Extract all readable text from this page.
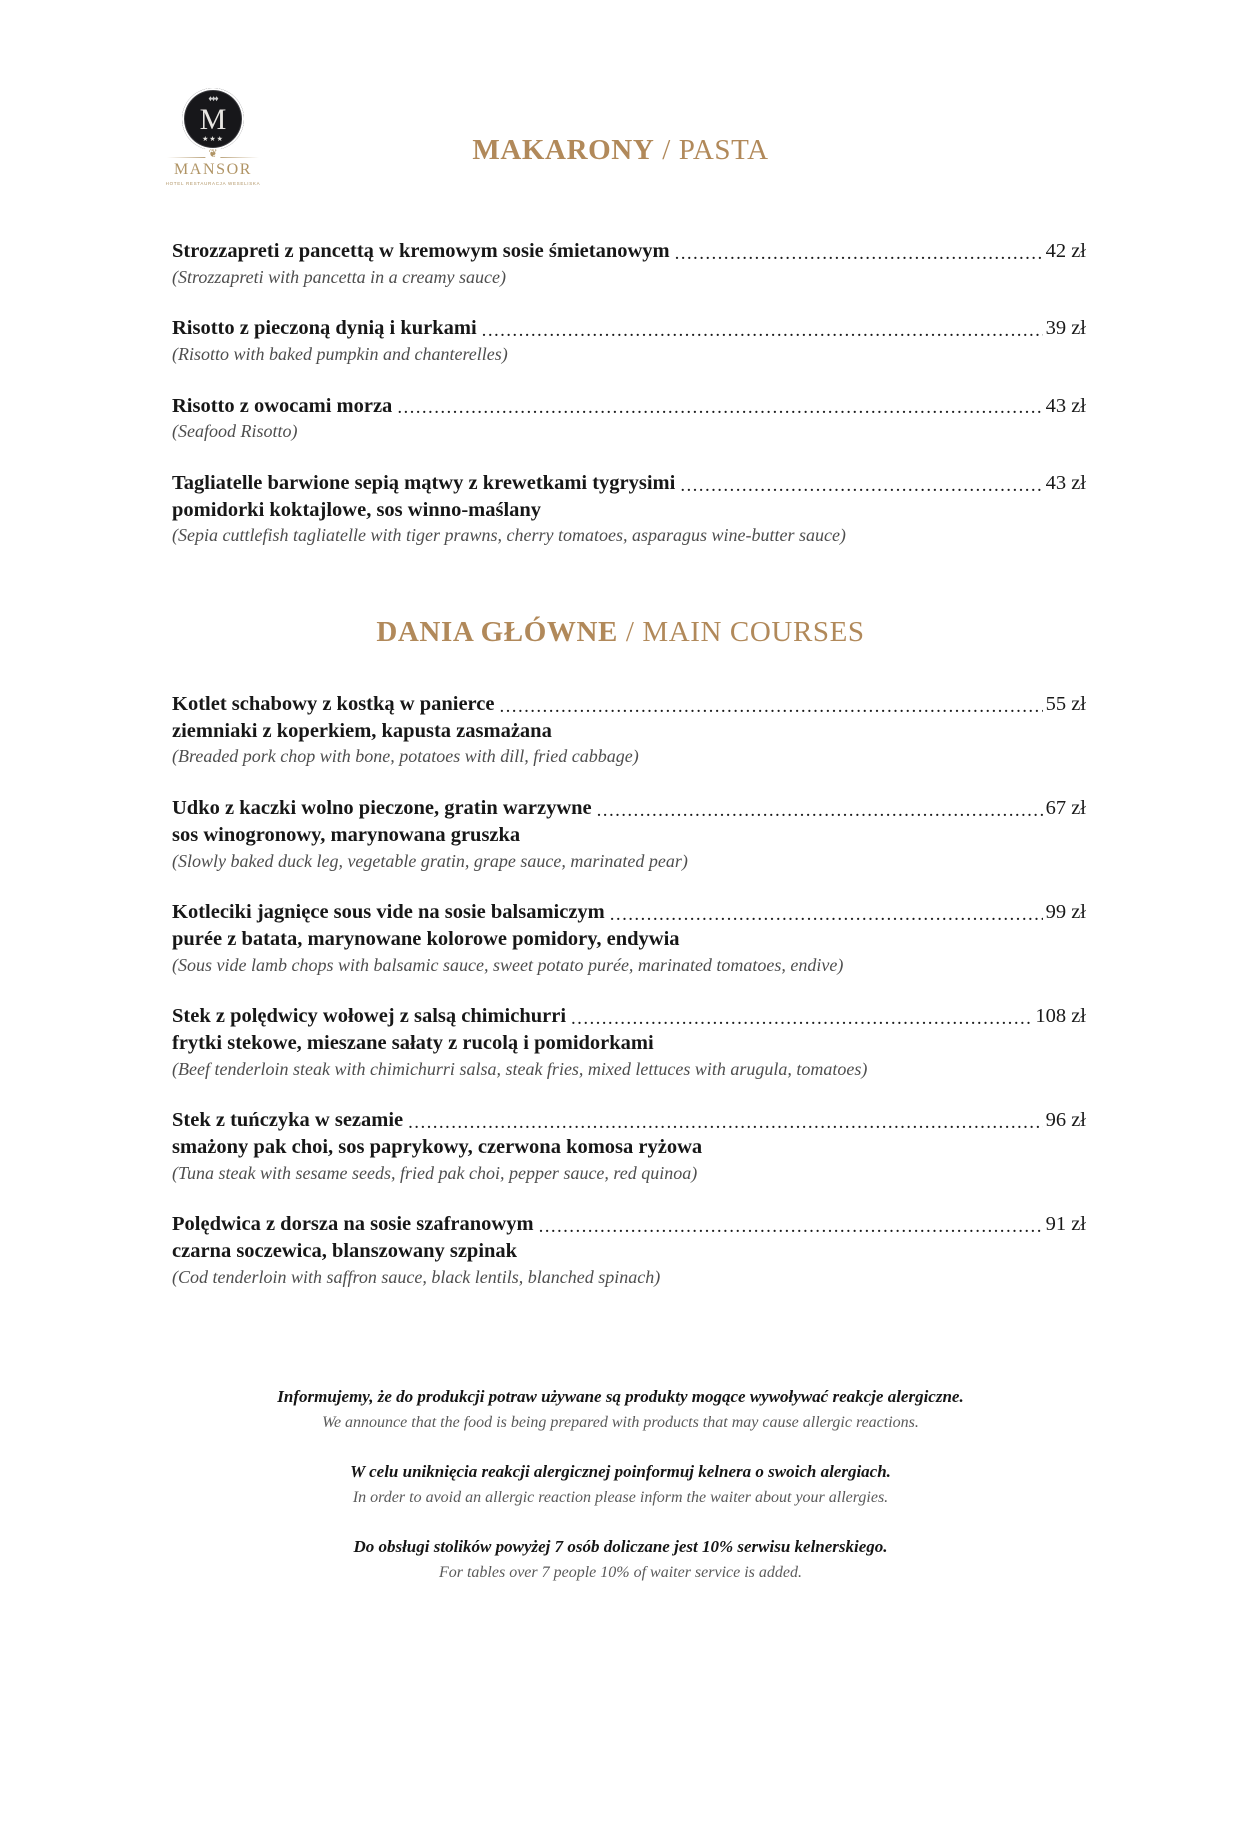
♦♦♦
M
★★★
❦
MANSOR
HOTEL RESTAURACJA WESELISKA
MAKARONY / PASTA
Strozzapreti z pancettą w kremowym sosie śmietanowym .....	42 zł
(Strozzapreti with pancetta in a creamy sauce)
Risotto z pieczoną dynią i kurkami .....	39 zł
(Risotto with baked pumpkin and chanterelles)
Risotto z owocami morza .....	43 zł
(Seafood Risotto)
Tagliatelle barwione sepią mątwy z krewetkami tygrysimi .....	43 zł
pomidorki koktajlowe, sos winno-maślany
(Sepia cuttlefish tagliatelle with tiger prawns, cherry tomatoes, asparagus wine-butter sauce)
DANIA GŁÓWNE / MAIN COURSES
Kotlet schabowy z kostką w panierce .....	55 zł
ziemniaki z koperkiem, kapusta zasmażana
(Breaded pork chop with bone, potatoes with dill, fried cabbage)
Udko z kaczki wolno pieczone, gratin warzywne .....	67 zł
sos winogronowy, marynowana gruszka
(Slowly baked duck leg, vegetable gratin, grape sauce, marinated pear)
Kotleciki jagnięce sous vide na sosie balsamiczym .....	99 zł
purée z batata, marynowane kolorowe pomidory, endywia
(Sous vide lamb chops with balsamic sauce, sweet potato purée, marinated tomatoes, endive)
Stek z polędwicy wołowej z salsą chimichurri .....	108 zł
frytki stekowe, mieszane sałaty z rucolą i pomidorkami
(Beef tenderloin steak with chimichurri salsa, steak fries, mixed lettuces with arugula, tomatoes)
Stek z tuńczyka w sezamie .....	96 zł
smażony pak choi, sos paprykowy, czerwona komosa ryżowa
(Tuna steak with sesame seeds, fried pak choi, pepper sauce, red quinoa)
Polędwica z dorsza na sosie szafranowym .....	91 zł
czarna soczewica, blanszowany szpinak
(Cod tenderloin with saffron sauce, black lentils, blanched spinach)
Informujemy, że do produkcji potraw używane są produkty mogące wywoływać reakcje alergiczne.
We announce that the food is being prepared with products that may cause allergic reactions.
W celu uniknięcia reakcji alergicznej poinformuj kelnera o swoich alergiach.
In order to avoid an allergic reaction please inform the waiter about your allergies.
Do obsługi stolików powyżej 7 osób doliczane jest 10% serwisu kelnerskiego.
For tables over 7 people 10% of waiter service is added.
